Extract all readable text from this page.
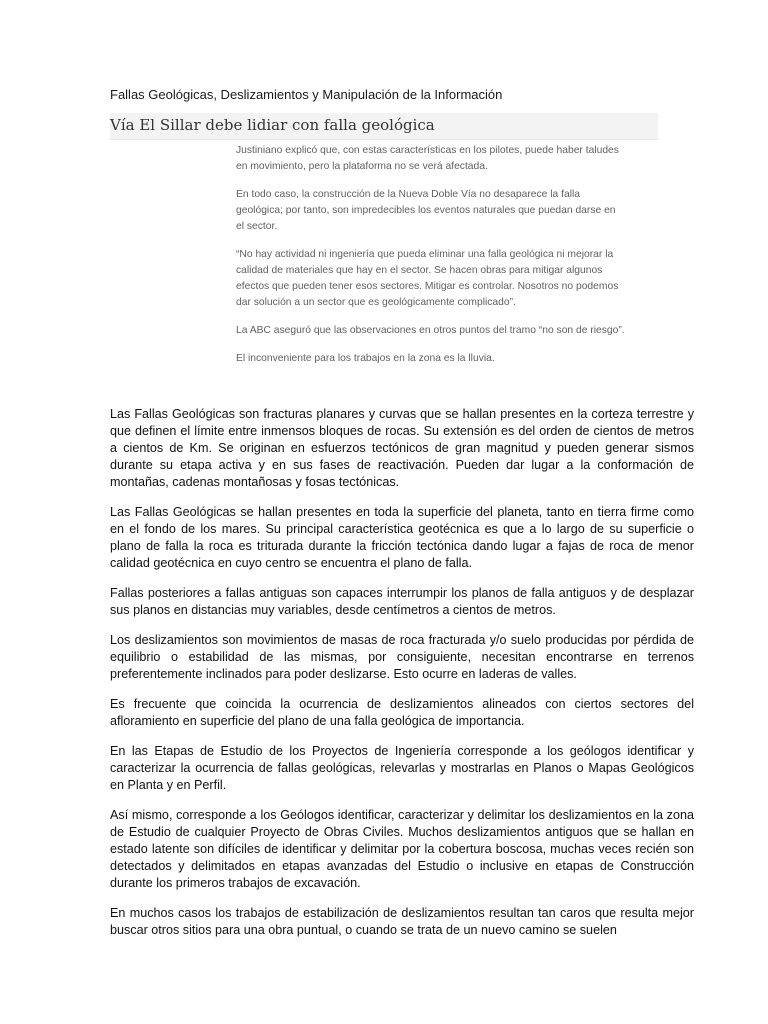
Fallas Geológicas, Deslizamientos y Manipulación de la Información
Vía El Sillar debe lidiar con falla geológica

Justiniano explicó que, con estas características en los pilotes, puede haber taludes en movimiento, pero la plataforma no se verá afectada.

En todo caso, la construcción de la Nueva Doble Vía no desaparece la falla geológica; por tanto, son impredecibles los eventos naturales que puedan darse en el sector.

“No hay actividad ni ingeniería que pueda eliminar una falla geológica ni mejorar la calidad de materiales que hay en el sector. Se hacen obras para mitigar algunos efectos que pueden tener esos sectores. Mitigar es controlar. Nosotros no podemos dar solución a un sector que es geológicamente complicado”.

La ABC aseguró que las observaciones en otros puntos del tramo “no son de riesgo”.

El inconveniente para los trabajos en la zona es la lluvia.

Las Fallas Geológicas son fracturas planares y curvas que se hallan presentes en la corteza terrestre y que definen el límite entre inmensos bloques de rocas. Su extensión es del orden de cientos de metros a cientos de Km. Se originan en esfuerzos tectónicos de gran magnitud y pueden generar sismos durante su etapa activa y en sus fases de reactivación. Pueden dar lugar a la conformación de montañas, cadenas montañosas y fosas tectónicas.

Las Fallas Geológicas se hallan presentes en toda la superficie del planeta, tanto en tierra firme como en el fondo de los mares. Su principal característica geotécnica es que a lo largo de su superficie o plano de falla la roca es triturada durante la fricción tectónica dando lugar a fajas de roca de menor calidad geotécnica en cuyo centro se encuentra el plano de falla.

Fallas posteriores a fallas antiguas son capaces interrumpir los planos de falla antiguos y de desplazar sus planos en distancias muy variables, desde centímetros a cientos de metros.

Los deslizamientos son movimientos de masas de roca fracturada y/o suelo producidas por pérdida de equilibrio o estabilidad de las mismas, por consiguiente, necesitan encontrarse en terrenos preferentemente inclinados para poder deslizarse. Esto ocurre en laderas de valles.

Es frecuente que coincida la ocurrencia de deslizamientos alineados con ciertos sectores del afloramiento en superficie del plano de una falla geológica de importancia.

En las Etapas de Estudio de los Proyectos de Ingeniería corresponde a los geólogos identificar y caracterizar la ocurrencia de fallas geológicas, relevarlas y mostrarlas en Planos o Mapas Geológicos en Planta y en Perfil.

Así mismo, corresponde a los Geólogos identificar, caracterizar y delimitar los deslizamientos en la zona de Estudio de cualquier Proyecto de Obras Civiles. Muchos deslizamientos antiguos que se hallan en estado latente son difíciles de identificar y delimitar por la cobertura boscosa, muchas veces recién son detectados y delimitados en etapas avanzadas del Estudio o inclusive en etapas de Construcción durante los primeros trabajos de excavación.

En muchos casos los trabajos de estabilización de deslizamientos resultan tan caros que resulta mejor buscar otros sitios para una obra puntual, o cuando se trata de un nuevo camino se suelen
